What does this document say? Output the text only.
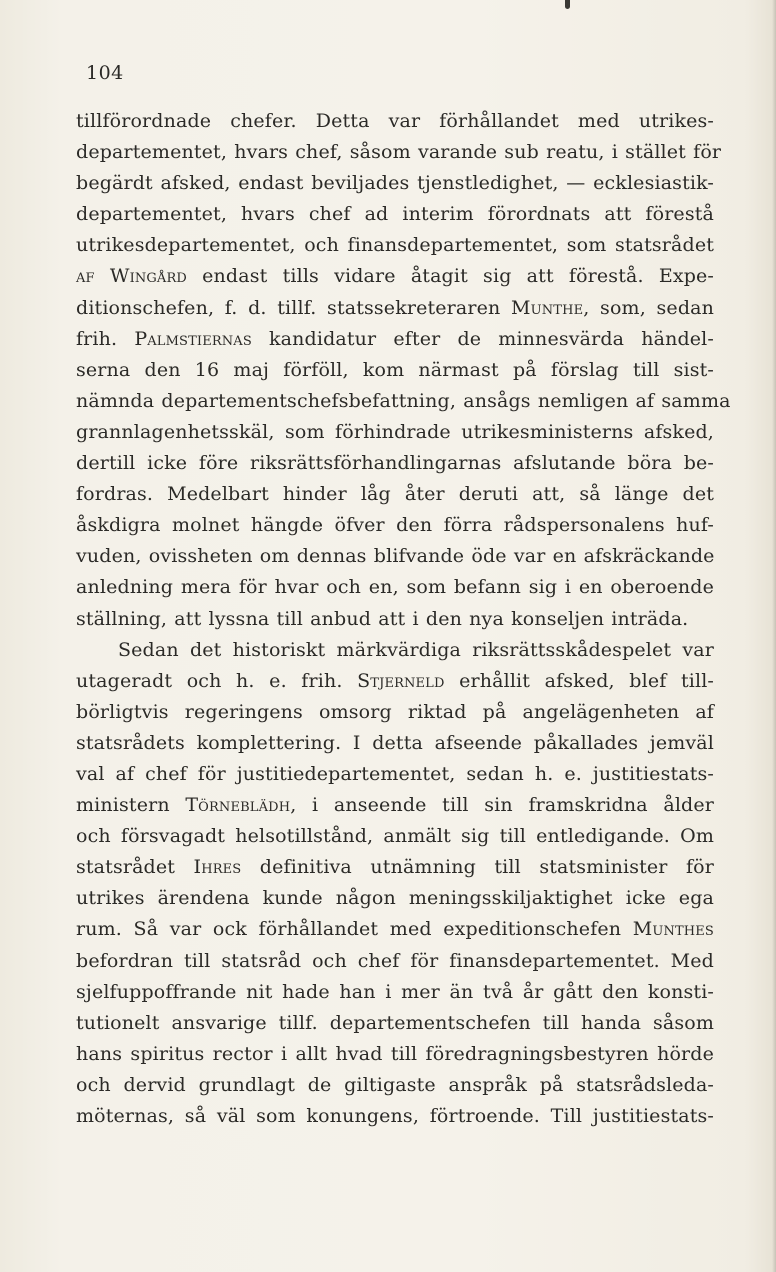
104
tillförordnade chefer. Detta var förhållandet med utrikes-
departementet, hvars chef, såsom varande sub reatu, i stället för
begärdt afsked, endast beviljades tjenstledighet, — ecklesiastik-
departementet, hvars chef ad interim förordnats att förestå
utrikesdepartementet, och finansdepartementet, som statsrådet
af Wingård endast tills vidare åtagit sig att förestå. Expe-
ditionschefen, f. d. tillf. statssekreteraren Munthe, som, sedan
frih. Palmstiernas kandidatur efter de minnesvärda händel-
serna den 16 maj förföll, kom närmast på förslag till sist-
nämnda departementschefsbefattning, ansågs nemligen af samma
grannlagenhetsskäl, som förhindrade utrikesministerns afsked,
dertill icke före riksrättsförhandlingarnas afslutande böra be-
fordras. Medelbart hinder låg åter deruti att, så länge det
åskdigra molnet hängde öfver den förra rådspersonalens huf-
vuden, ovissheten om dennas blifvande öde var en afskräckande
anledning mera för hvar och en, som befann sig i en oberoende
ställning, att lyssna till anbud att i den nya konseljen inträda.
Sedan det historiskt märkvärdiga riksrättsskådespelet var
utageradt och h. e. frih. Stjerneld erhållit afsked, blef till-
börligtvis regeringens omsorg riktad på angelägenheten af
statsrådets komplettering. I detta afseende påkallades jemväl
val af chef för justitiedepartementet, sedan h. e. justitiestats-
ministern Törneblädh, i anseende till sin framskridna ålder
och försvagadt helsotillstånd, anmält sig till entledigande. Om
statsrådet Ihres definitiva utnämning till statsminister för
utrikes ärendena kunde någon meningsskiljaktighet icke ega
rum. Så var ock förhållandet med expeditionschefen Munthes
befordran till statsråd och chef för finansdepartementet. Med
sjelfuppoffrande nit hade han i mer än två år gått den konsti-
tutionelt ansvarige tillf. departementschefen till handa såsom
hans spiritus rector i allt hvad till föredragningsbestyren hörde
och dervid grundlagt de giltigaste anspråk på statsrådsleda-
möternas, så väl som konungens, förtroende. Till justitiestats-
